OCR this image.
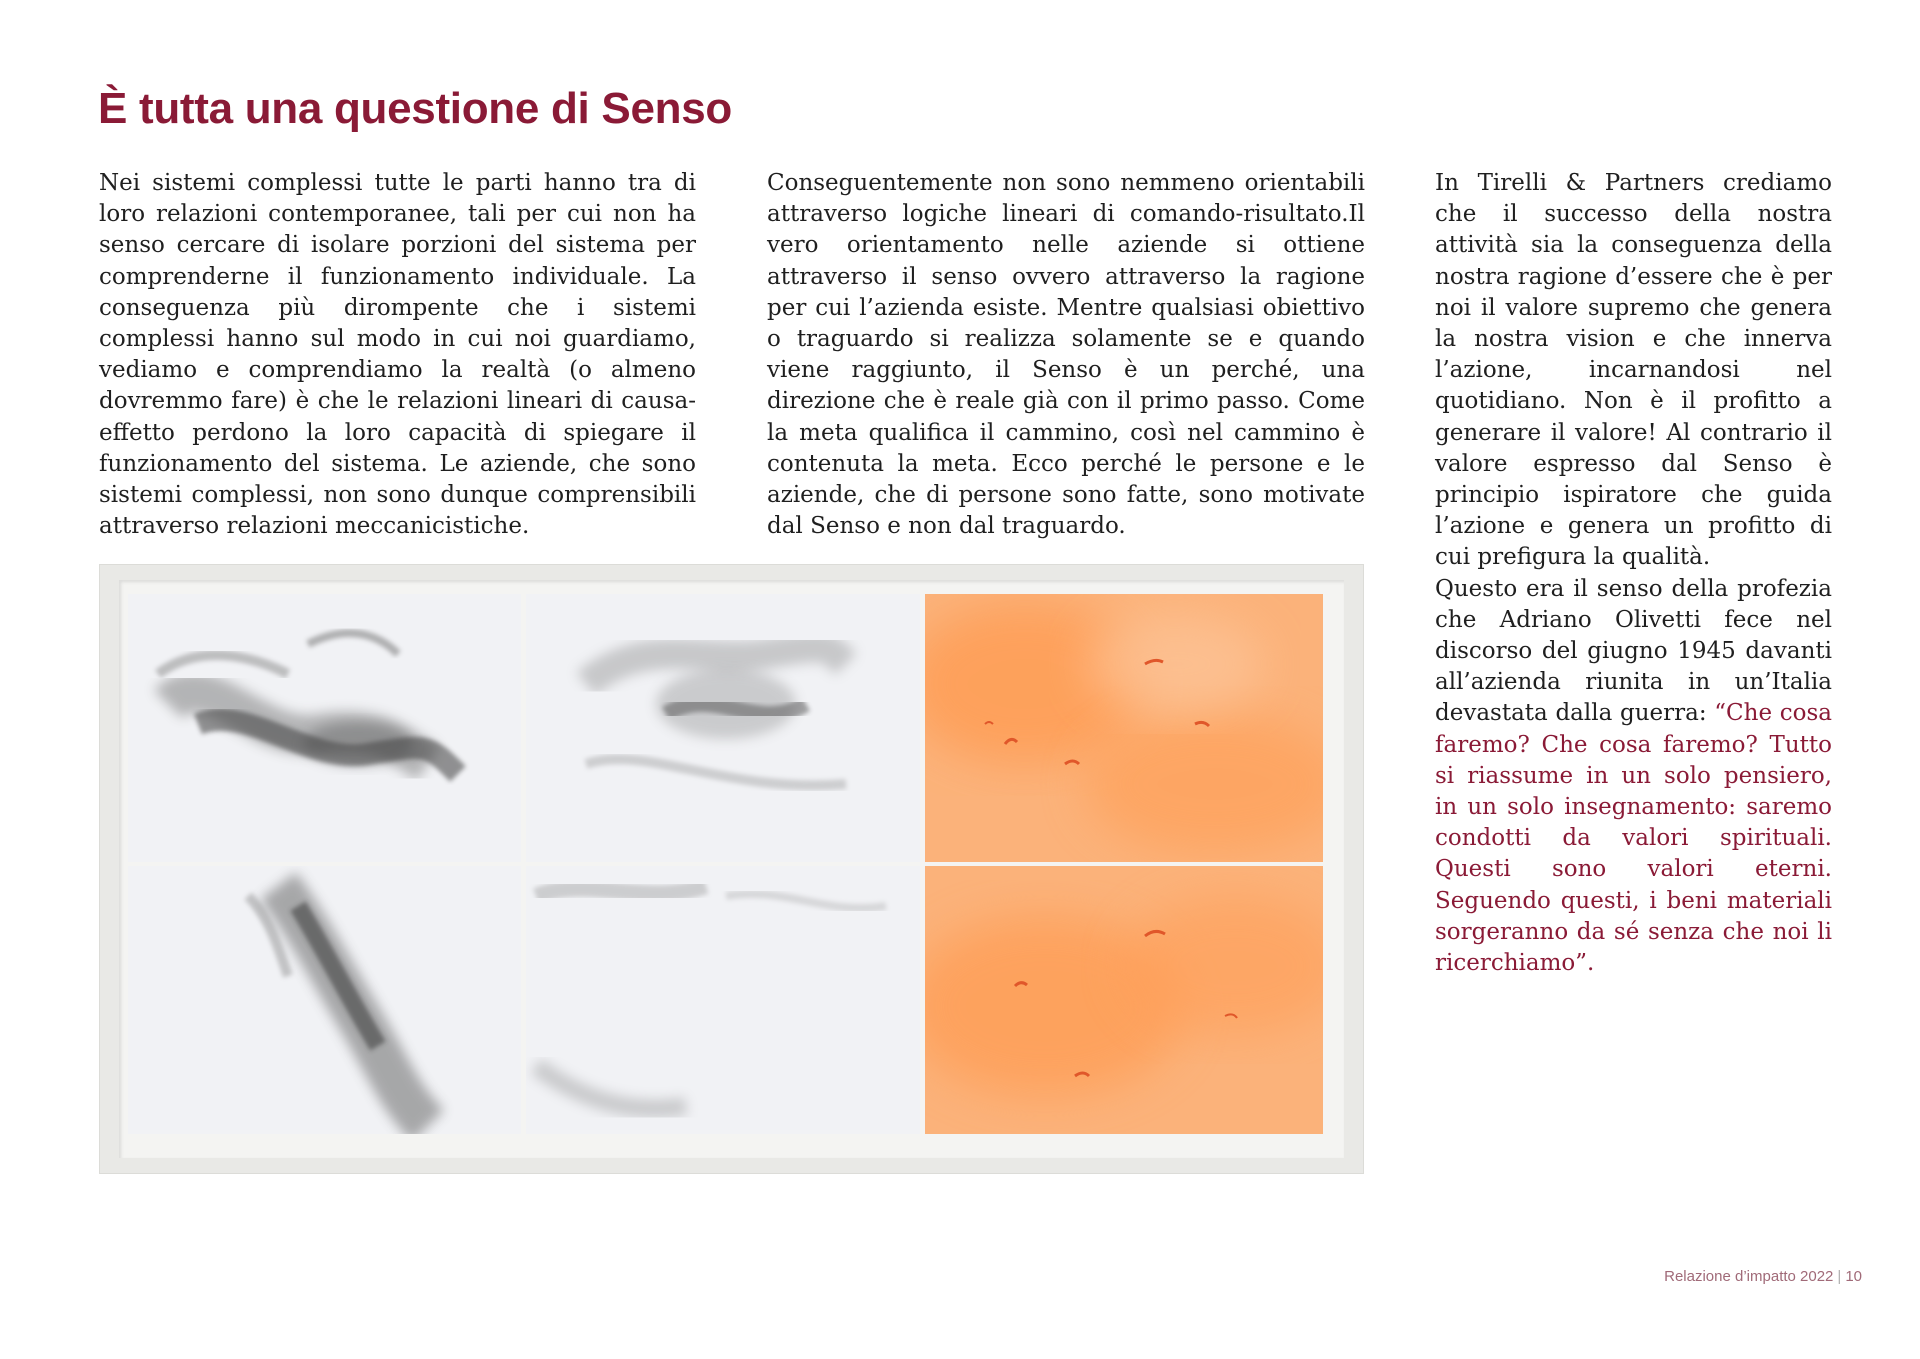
È tutta una questione di Senso

Nei sistemi complessi tutte le parti hanno tra di loro relazioni contemporanee, tali per cui non ha senso cercare di isolare porzioni del sistema per comprenderne il funzionamento individuale. La conseguenza più dirompente che i sistemi complessi hanno sul modo in cui noi guardiamo, vediamo e comprendiamo la realtà (o almeno dovremmo fare) è che le relazioni lineari di causa-effetto perdono la loro capacità di spiegare il funzionamento del sistema. Le aziende, che sono sistemi complessi, non sono dunque comprensibili attraverso relazioni meccanicistiche.

Conseguentemente non sono nemmeno orientabili attraverso logiche lineari di comando-risultato.Il vero orientamento nelle aziende si ottiene attraverso il senso ovvero attraverso la ragione per cui l’azienda esiste. Mentre qualsiasi obiettivo o traguardo si realizza solamente se e quando viene raggiunto, il Senso è un perché, una direzione che è reale già con il primo passo. Come la meta qualifica il cammino, così nel cammino è contenuta la meta. Ecco perché le persone e le aziende, che di persone sono fatte, sono motivate dal Senso e non dal traguardo.

In Tirelli & Partners crediamo che il successo della nostra attività sia la conseguenza della nostra ragione d’essere che è per noi il valore supremo che genera la nostra vision e che innerva l’azione, incarnandosi nel quotidiano. Non è il profitto a generare il valore! Al contrario il valore espresso dal Senso è principio ispiratore che guida l’azione e genera un profitto di cui prefigura la qualità.

Questo era il senso della profezia che Adriano Olivetti fece nel discorso del giugno 1945 davanti all’azienda riunita in un’Italia devastata dalla guerra: “Che cosa faremo? Che cosa faremo? Tutto si riassume in un solo pensiero, in un solo insegnamento: saremo condotti da valori spirituali. Questi sono valori eterni. Seguendo questi, i beni materiali sorgeranno da sé senza che noi li ricerchiamo”.

Relazione d’impatto 2022 | 10
